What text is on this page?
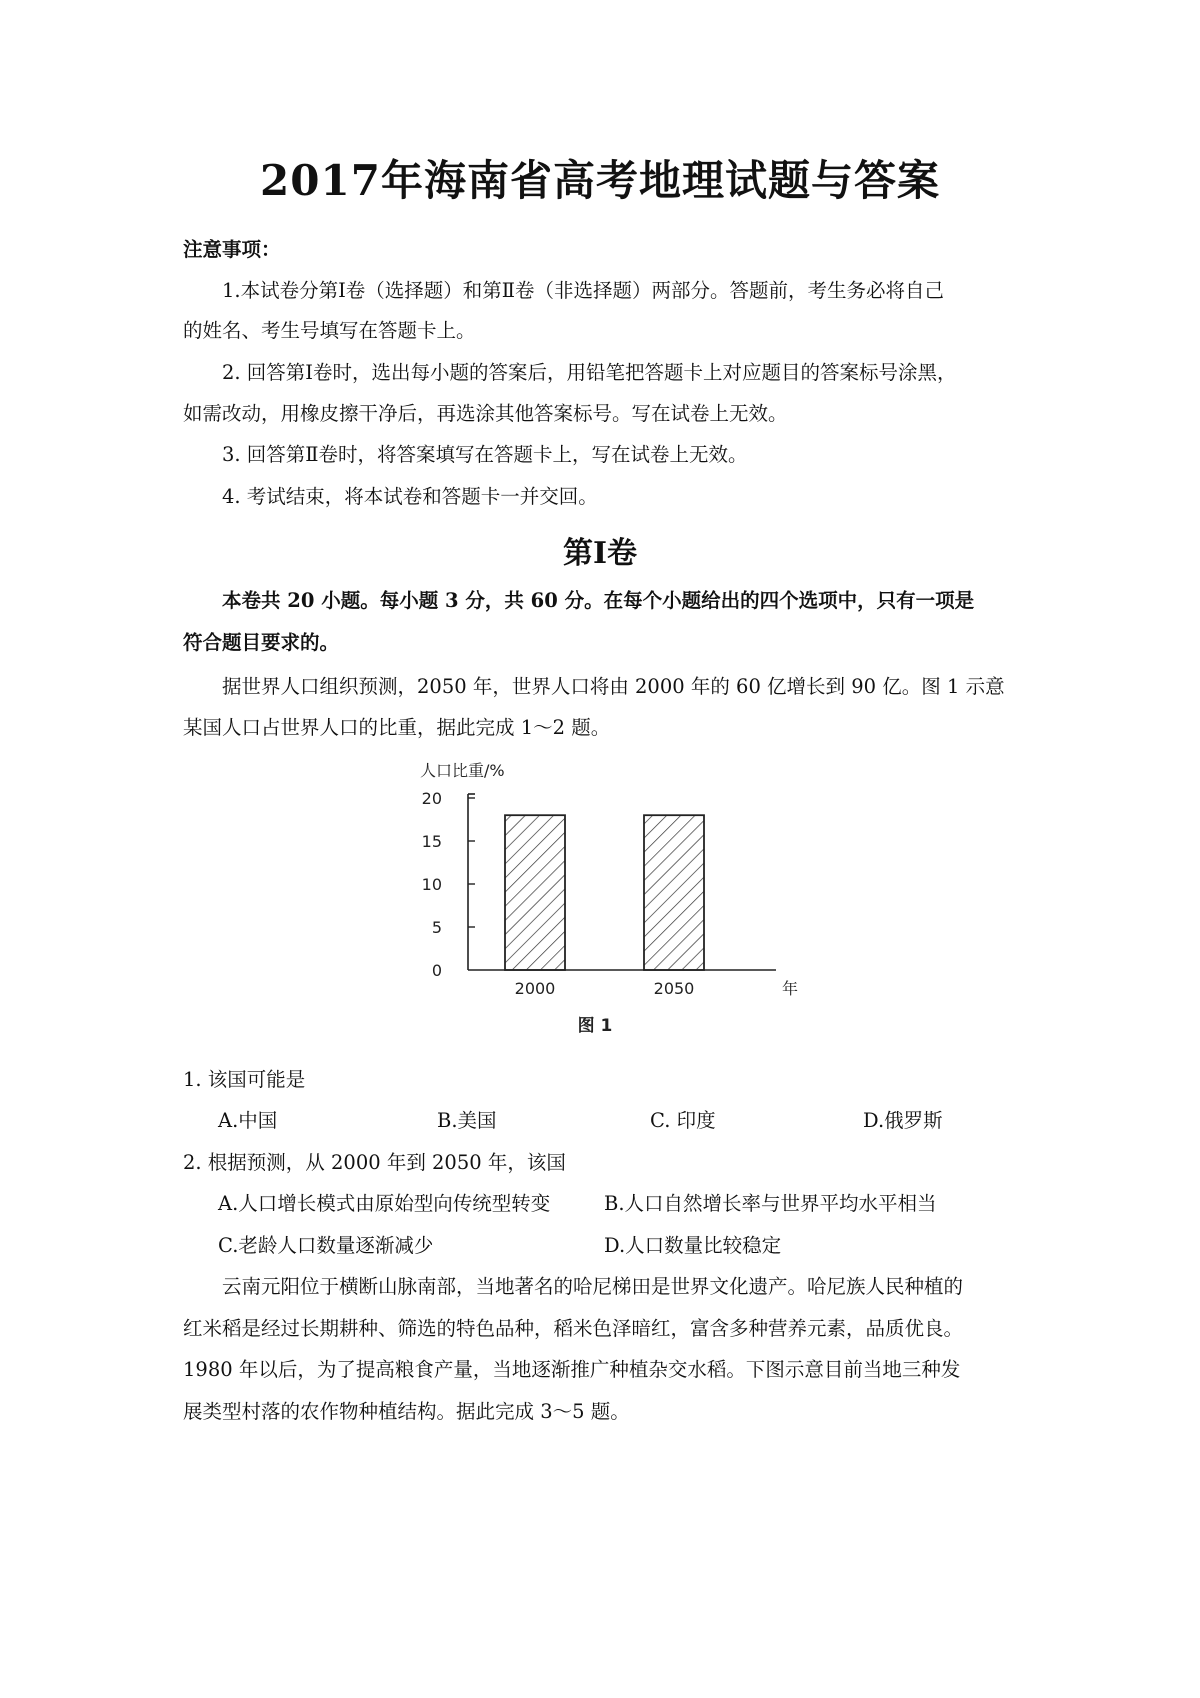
2017年海南省高考地理试题与答案
注意事项：
1.本试卷分第Ⅰ卷（选择题）和第Ⅱ卷（非选择题）两部分。答题前，考生务必将自己
的姓名、考生号填写在答题卡上。
2. 回答第Ⅰ卷时，选出每小题的答案后，用铅笔把答题卡上对应题目的答案标号涂黑，
如需改动，用橡皮擦干净后，再选涂其他答案标号。写在试卷上无效。
3. 回答第Ⅱ卷时，将答案填写在答题卡上，写在试卷上无效。
4. 考试结束，将本试卷和答题卡一并交回。
第Ⅰ卷
本卷共 20 小题。每小题 3 分，共 60 分。在每个小题给出的四个选项中，只有一项是
符合题目要求的。
据世界人口组织预测，2050 年，世界人口将由 2000 年的 60 亿增长到 90 亿。图 1 示意
某国人口占世界人口的比重，据此完成 1～2 题。
人口比重/%
0
5
10
15
20
2000	2050	年
图 1
1. 该国可能是
A.中国	B.美国	C. 印度	D.俄罗斯
2. 根据预测，从 2000 年到 2050 年，该国
A.人口增长模式由原始型向传统型转变	B.人口自然增长率与世界平均水平相当
C.老龄人口数量逐渐减少	D.人口数量比较稳定
云南元阳位于横断山脉南部，当地著名的哈尼梯田是世界文化遗产。哈尼族人民种植的
红米稻是经过长期耕种、筛选的特色品种，稻米色泽暗红，富含多种营养元素，品质优良。
1980 年以后，为了提高粮食产量，当地逐渐推广种植杂交水稻。下图示意目前当地三种发
展类型村落的农作物种植结构。据此完成 3～5 题。
